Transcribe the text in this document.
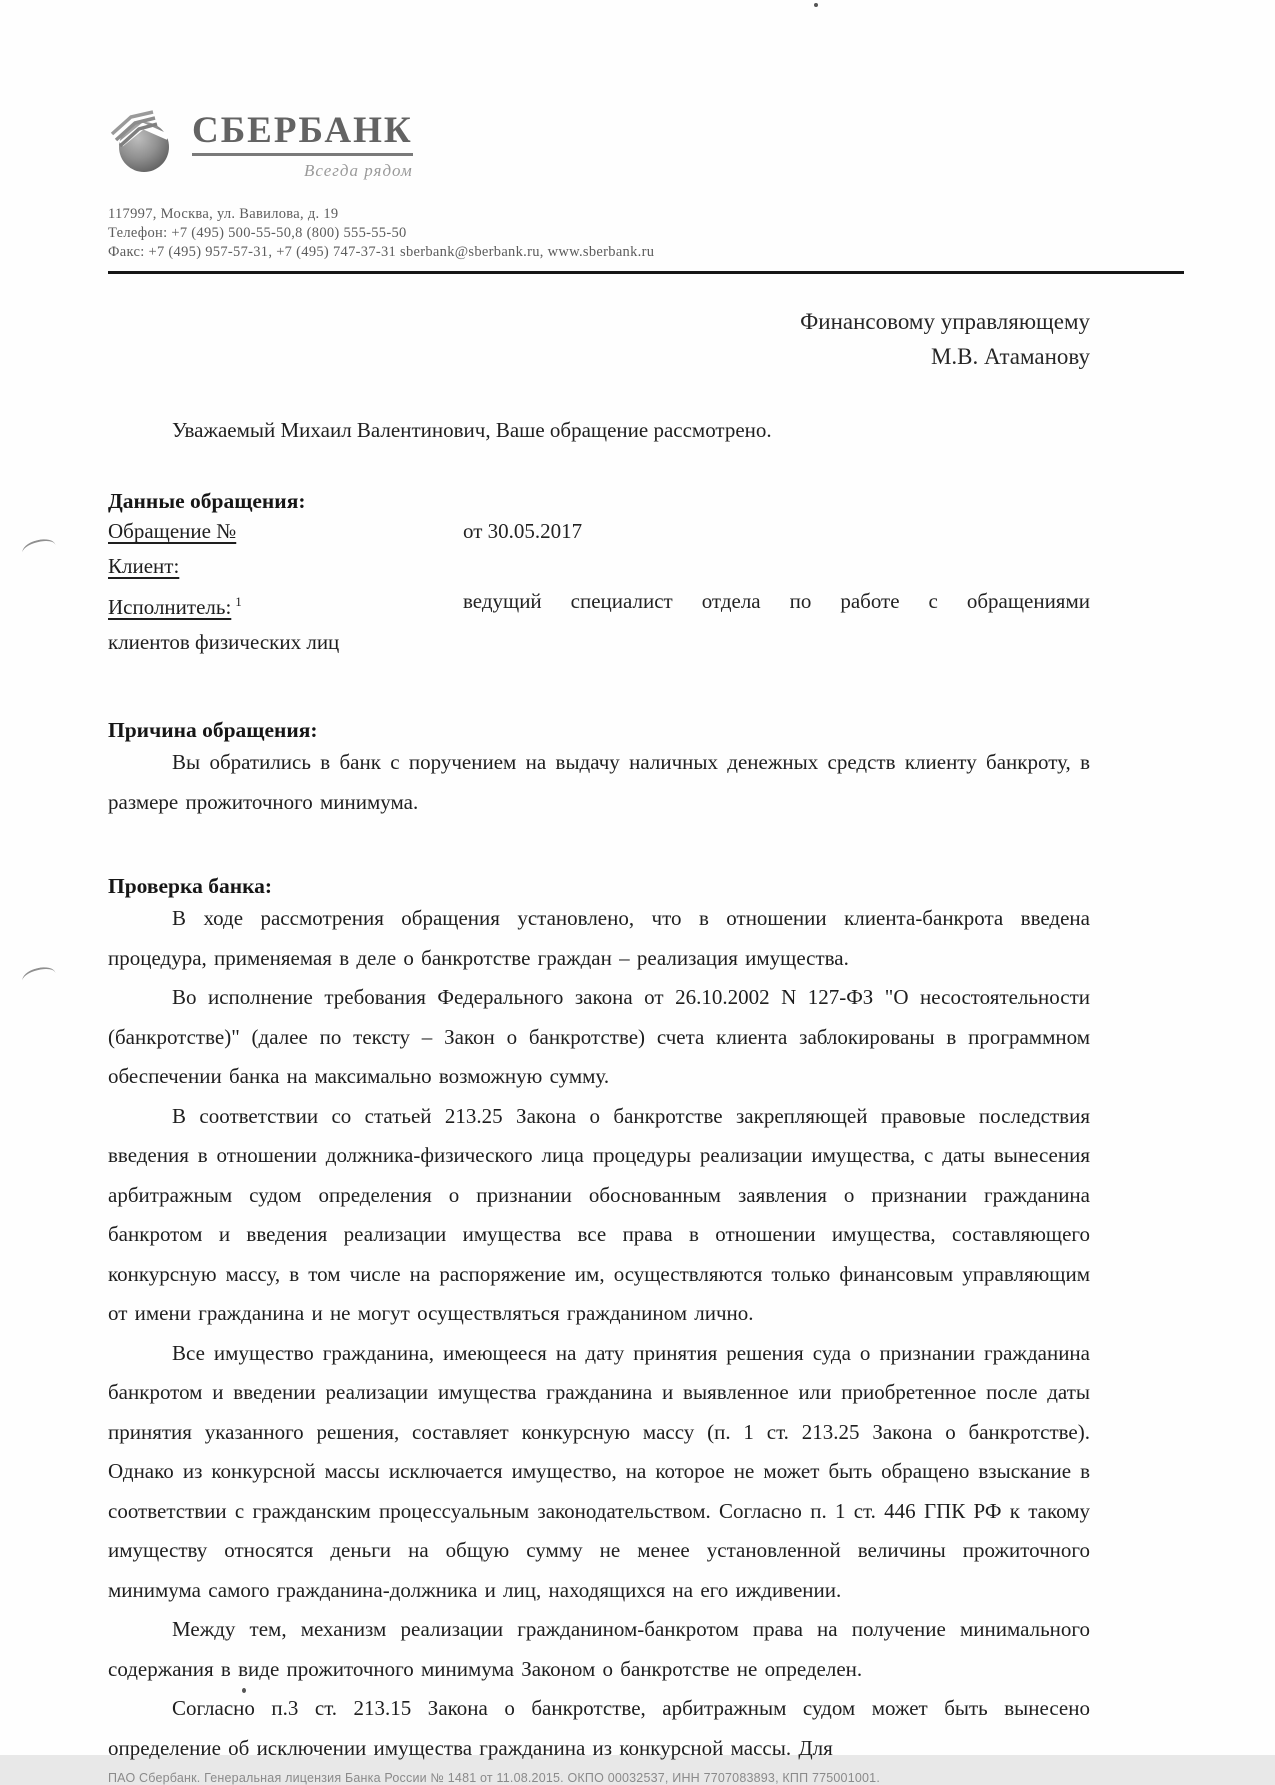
СБЕРБАНК
Всегда рядом
117997, Москва, ул. Вавилова, д. 19
Телефон: +7 (495) 500-55-50,8 (800) 555-55-50
Факс: +7 (495) 957-57-31, +7 (495) 747-37-31 sberbank@sberbank.ru, www.sberbank.ru
Финансовому управляющему
М.В. Атаманову

Уважаемый Михаил Валентинович, Ваше обращение рассмотрено.

Данные обращения:
Обращение №	от 30.05.2017
Клиент:
Исполнитель: $^1$	ведущий специалист отдела по работе с обращениями
клиентов физических лиц
Причина обращения:

Вы обратились в банк с поручением на выдачу наличных денежных средств клиенту банкроту, в размере прожиточного минимума.

Проверка банка:

В ходе рассмотрения обращения установлено, что в отношении клиента-банкрота введена процедура, применяемая в деле о банкротстве граждан – реализация имущества.

Во исполнение требования Федерального закона от 26.10.2002 N 127-ФЗ "О несостоятельности (банкротстве)" (далее по тексту – Закон о банкротстве) счета клиента заблокированы в программном обеспечении банка на максимально возможную сумму.

В соответствии со статьей 213.25 Закона о банкротстве закрепляющей правовые последствия введения в отношении должника-физического лица процедуры реализации имущества, с даты вынесения арбитражным судом определения о признании обоснованным заявления о признании гражданина банкротом и введения реализации имущества все права в отношении имущества, составляющего конкурсную массу, в том числе на распоряжение им, осуществляются только финансовым управляющим от имени гражданина и не могут осуществляться гражданином лично.

Все имущество гражданина, имеющееся на дату принятия решения суда о признании гражданина банкротом и введении реализации имущества гражданина и выявленное или приобретенное после даты принятия указанного решения, составляет конкурсную массу (п. 1 ст. 213.25 Закона о банкротстве). Однако из конкурсной массы исключается имущество, на которое не может быть обращено взыскание в соответствии с гражданским процессуальным законодательством. Согласно п. 1 ст. 446 ГПК РФ к такому имуществу относятся деньги на общую сумму не менее установленной величины прожиточного минимума самого гражданина-должника и лиц, находящихся на его иждивении.

Между тем, механизм реализации гражданином-банкротом права на получение минимального содержания в виде прожиточного минимума Законом о банкротстве не определен.

Согласно п.3 ст. 213.15 Закона о банкротстве, арбитражным судом может быть вынесено определение об исключении имущества гражданина из конкурсной массы. Для

ПАО Сбербанк. Генеральная лицензия Банка России № 1481 от 11.08.2015. ОКПО 00032537, ИНН 7707083893, КПП 775001001.
